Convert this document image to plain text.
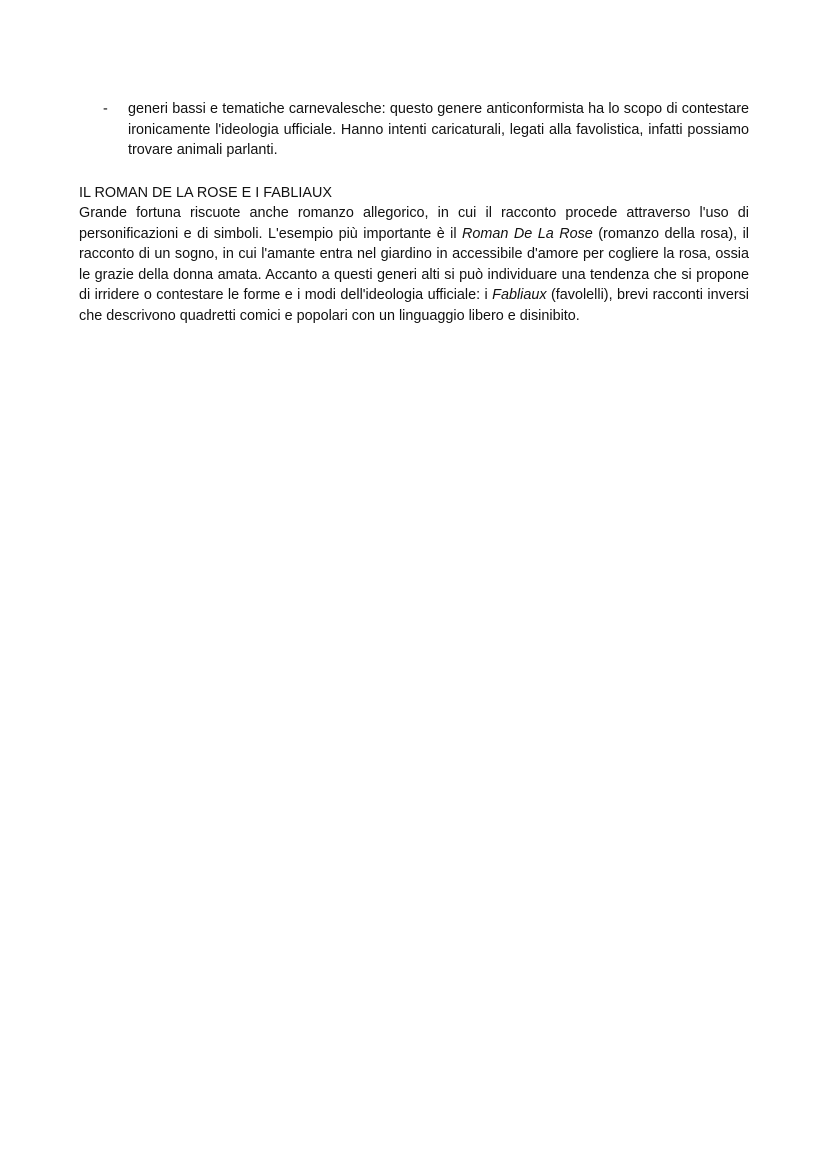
- generi bassi e tematiche carnevalesche: questo genere anticonformista ha lo scopo di contestare ironicamente l'ideologia ufficiale. Hanno intenti caricaturali, legati alla favolistica, infatti possiamo trovare animali parlanti.
IL ROMAN DE LA ROSE E I FABLIAUX
Grande fortuna riscuote anche romanzo allegorico, in cui il racconto procede attraverso l'uso di personificazioni e di simboli. L'esempio più importante è il Roman De La Rose (romanzo della rosa), il racconto di un sogno, in cui l'amante entra nel giardino in accessibile d'amore per cogliere la rosa, ossia le grazie della donna amata. Accanto a questi generi alti si può individuare una tendenza che si propone di irridere o contestare le forme e i modi dell'ideologia ufficiale: i Fabliaux (favolelli), brevi racconti inversi che descrivono quadretti comici e popolari con un linguaggio libero e disinibito.
